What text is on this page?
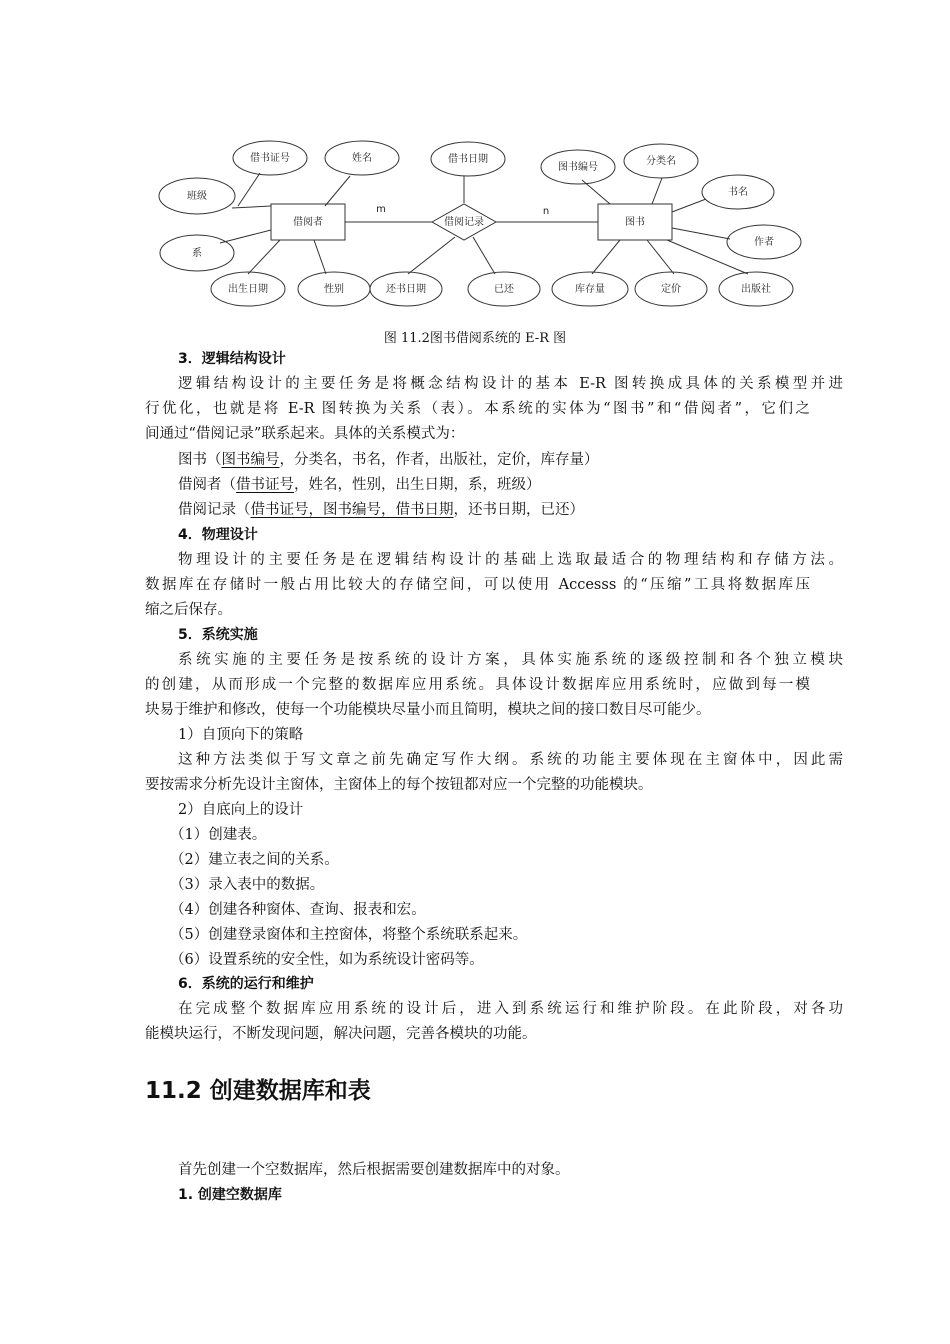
借书证号	姓名
班级
系
出生日期	性别
借书日期
还书日期	已还
图书编号
分类名
书名
作者
库存量	定价	出版社
借阅者	借阅记录	图书
m	n
图 11.2图书借阅系统的 E-R 图
3．逻辑结构设计
逻辑结构设计的主要任务是将概念结构设计的基本 E-R 图转换成具体的关系模型并进
行优化，也就是将 E-R 图转换为关系（表）。本系统的实体为“图书”和“借阅者”，它们之
间通过“借阅记录”联系起来。具体的关系模式为：
图书（图书编号，分类名，书名，作者，出版社，定价，库存量）
借阅者（借书证号，姓名，性别，出生日期，系，班级）
借阅记录（借书证号，图书编号，借书日期，还书日期，已还）
4．物理设计
物理设计的主要任务是在逻辑结构设计的基础上选取最适合的物理结构和存储方法。
数据库在存储时一般占用比较大的存储空间，可以使用 Accesss 的“压缩”工具将数据库压
缩之后保存。
5．系统实施
系统实施的主要任务是按系统的设计方案，具体实施系统的逐级控制和各个独立模块
的创建，从而形成一个完整的数据库应用系统。具体设计数据库应用系统时，应做到每一模
块易于维护和修改，使每一个功能模块尽量小而且简明，模块之间的接口数目尽可能少。
1）自顶向下的策略
这种方法类似于写文章之前先确定写作大纲。系统的功能主要体现在主窗体中，因此需
要按需求分析先设计主窗体，主窗体上的每个按钮都对应一个完整的功能模块。
2）自底向上的设计
（1）创建表。
（2）建立表之间的关系。
（3）录入表中的数据。
（4）创建各种窗体、查询、报表和宏。
（5）创建登录窗体和主控窗体，将整个系统联系起来。
（6）设置系统的安全性，如为系统设计密码等。
6．系统的运行和维护
在完成整个数据库应用系统的设计后，进入到系统运行和维护阶段。在此阶段，对各功
能模块运行，不断发现问题，解决问题，完善各模块的功能。
11.2 创建数据库和表
首先创建一个空数据库，然后根据需要创建数据库中的对象。
1. 创建空数据库
